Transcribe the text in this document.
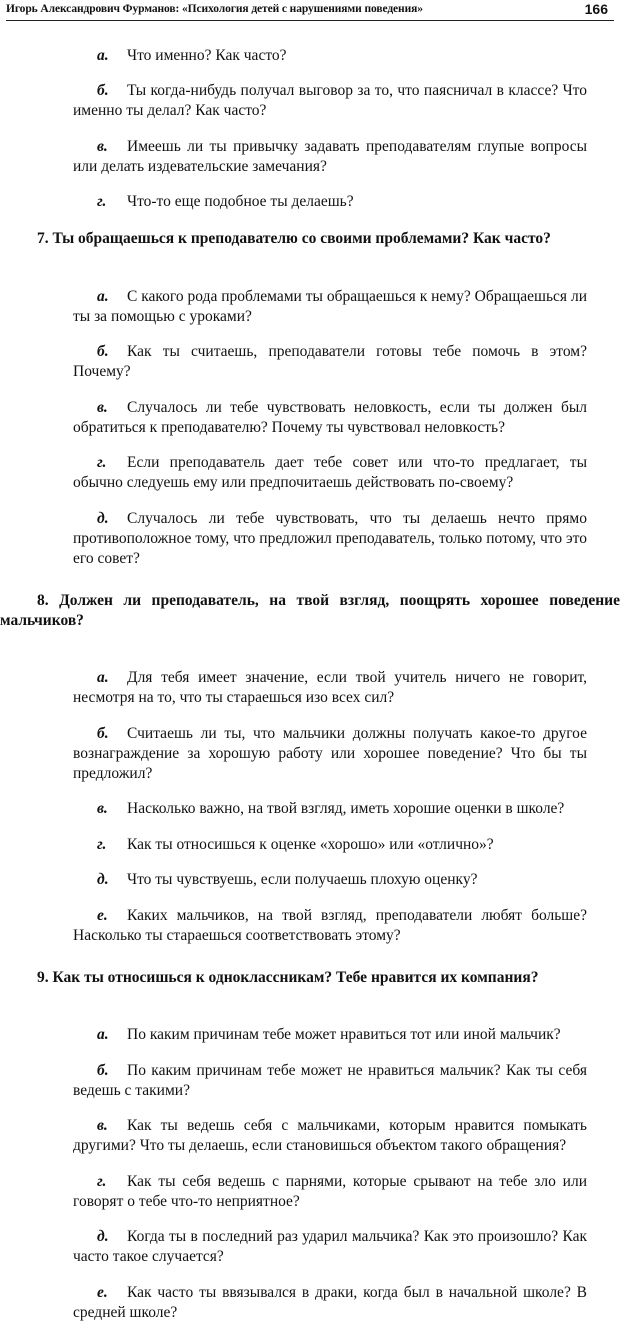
Игорь Александрович Фурманов: «Психология детей с нарушениями поведения»	166

а. Что именно? Как часто?

б. Ты когда-нибудь получал выговор за то, что паясничал в классе? Что именно ты делал? Как часто?

в. Имеешь ли ты привычку задавать преподавателям глупые вопросы или делать издевательские замечания?

г. Что-то еще подобное ты делаешь?

7. Ты обращаешься к преподавателю со своими проблемами? Как часто?

а. С какого рода проблемами ты обращаешься к нему? Обращаешься ли ты за помощью с уроками?

б. Как ты считаешь, преподаватели готовы тебе помочь в этом? Почему?

в. Случалось ли тебе чувствовать неловкость, если ты должен был обратиться к преподавателю? Почему ты чувствовал неловкость?

г. Если преподаватель дает тебе совет или что-то предлагает, ты обычно следуешь ему или предпочитаешь действовать по-своему?

д. Случалось ли тебе чувствовать, что ты делаешь нечто прямо противоположное тому, что предложил преподаватель, только потому, что это его совет?

8. Должен ли преподаватель, на твой взгляд, поощрять хорошее поведение
мальчиков?

а. Для тебя имеет значение, если твой учитель ничего не говорит, несмотря на то, что ты стараешься изо всех сил?

б. Считаешь ли ты, что мальчики должны получать какое-то другое вознаграждение за хорошую работу или хорошее поведение? Что бы ты предложил?

в. Насколько важно, на твой взгляд, иметь хорошие оценки в школе?

г. Как ты относишься к оценке «хорошо» или «отлично»?

д. Что ты чувствуешь, если получаешь плохую оценку?

е. Каких мальчиков, на твой взгляд, преподаватели любят больше? Насколько ты стараешься соответствовать этому?

9. Как ты относишься к одноклассникам? Тебе нравится их компания?

а. По каким причинам тебе может нравиться тот или иной мальчик?

б. По каким причинам тебе может не нравиться мальчик? Как ты себя ведешь с такими?

в. Как ты ведешь себя с мальчиками, которым нравится помыкать другими? Что ты делаешь, если становишься объектом такого обращения?

г. Как ты себя ведешь с парнями, которые срывают на тебе зло или говорят о тебе что-то неприятное?

д. Когда ты в последний раз ударил мальчика? Как это произошло? Как часто такое случается?

е. Как часто ты ввязывался в драки, когда был в начальной школе? В средней школе?
